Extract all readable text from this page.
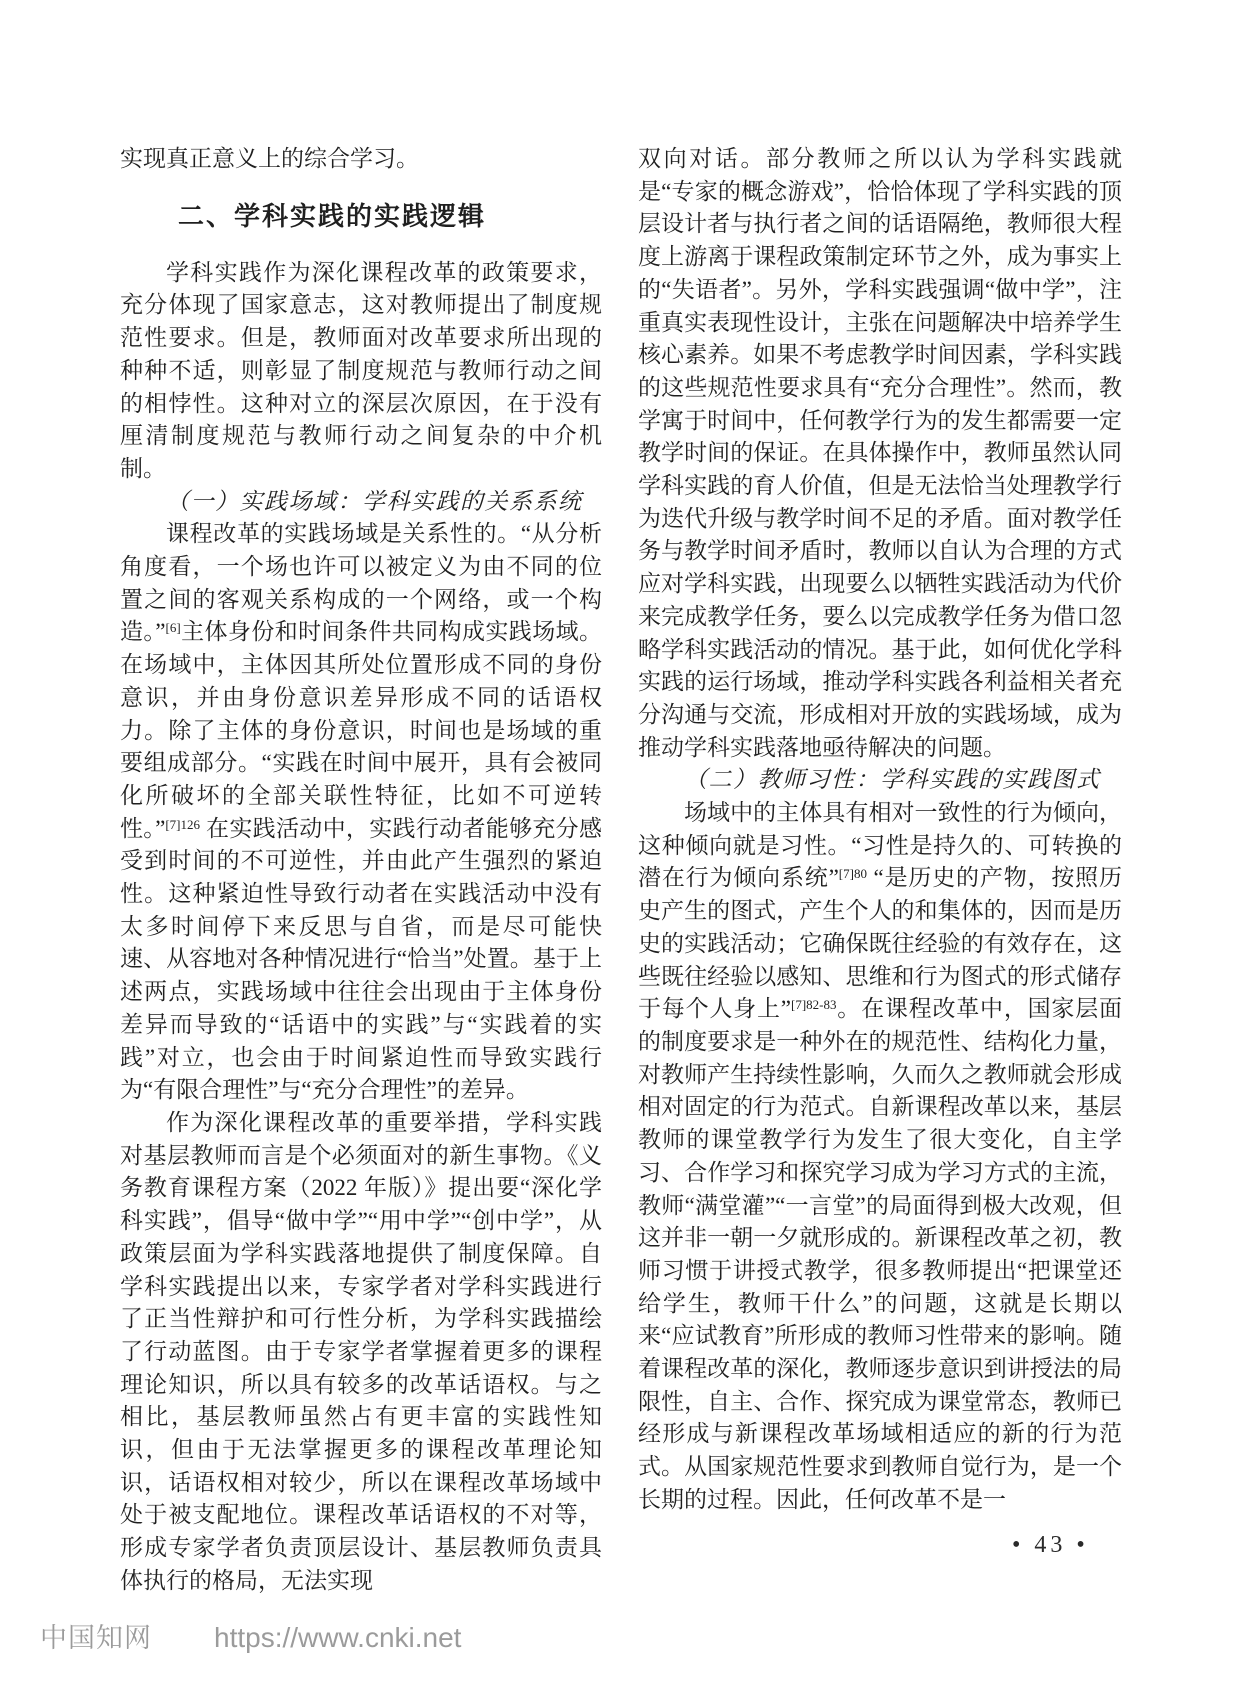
实现真正意义上的综合学习。

二、学科实践的实践逻辑

学科实践作为深化课程改革的政策要求，充分体现了国家意志，这对教师提出了制度规范性要求。但是，教师面对改革要求所出现的种种不适，则彰显了制度规范与教师行动之间的相悖性。这种对立的深层次原因，在于没有厘清制度规范与教师行动之间复杂的中介机制。

（一）实践场域：学科实践的关系系统

课程改革的实践场域是关系性的。“从分析角度看，一个场也许可以被定义为由不同的位置之间的客观关系构成的一个网络，或一个构造。”[6]主体身份和时间条件共同构成实践场域。在场域中，主体因其所处位置形成不同的身份意识，并由身份意识差异形成不同的话语权力。除了主体的身份意识，时间也是场域的重要组成部分。“实践在时间中展开，具有会被同化所破坏的全部关联性特征，比如不可逆转性。”$^{[7]126}$ 在实践活动中，实践行动者能够充分感受到时间的不可逆性，并由此产生强烈的紧迫性。这种紧迫性导致行动者在实践活动中没有太多时间停下来反思与自省，而是尽可能快速、从容地对各种情况进行“恰当”处置。基于上述两点，实践场域中往往会出现由于主体身份差异而导致的“话语中的实践”与“实践着的实践”对立，也会由于时间紧迫性而导致实践行为“有限合理性”与“充分合理性”的差异。

作为深化课程改革的重要举措，学科实践对基层教师而言是个必须面对的新生事物。《义务教育课程方案（2022 年版）》提出要“深化学科实践”，倡导“做中学”“用中学”“创中学”，从政策层面为学科实践落地提供了制度保障。自学科实践提出以来，专家学者对学科实践进行了正当性辩护和可行性分析，为学科实践描绘了行动蓝图。由于专家学者掌握着更多的课程理论知识，所以具有较多的改革话语权。与之相比，基层教师虽然占有更丰富的实践性知识，但由于无法掌握更多的课程改革理论知识，话语权相对较少，所以在课程改革场域中处于被支配地位。课程改革话语权的不对等，形成专家学者负责顶层设计、基层教师负责具体执行的格局，无法实现

双向对话。部分教师之所以认为学科实践就是“专家的概念游戏”，恰恰体现了学科实践的顶层设计者与执行者之间的话语隔绝，教师很大程度上游离于课程政策制定环节之外，成为事实上的“失语者”。另外，学科实践强调“做中学”，注重真实表现性设计，主张在问题解决中培养学生核心素养。如果不考虑教学时间因素，学科实践的这些规范性要求具有“充分合理性”。然而，教学寓于时间中，任何教学行为的发生都需要一定教学时间的保证。在具体操作中，教师虽然认同学科实践的育人价值，但是无法恰当处理教学行为迭代升级与教学时间不足的矛盾。面对教学任务与教学时间矛盾时，教师以自认为合理的方式应对学科实践，出现要么以牺牲实践活动为代价来完成教学任务，要么以完成教学任务为借口忽略学科实践活动的情况。基于此，如何优化学科实践的运行场域，推动学科实践各利益相关者充分沟通与交流，形成相对开放的实践场域，成为推动学科实践落地亟待解决的问题。

（二）教师习性：学科实践的实践图式

场域中的主体具有相对一致性的行为倾向，这种倾向就是习性。“习性是持久的、可转换的潜在行为倾向系统”$^{[7]80}$ “是历史的产物，按照历史产生的图式，产生个人的和集体的，因而是历史的实践活动；它确保既往经验的有效存在，这些既往经验以感知、思维和行为图式的形式储存于每个人身上”$^{[7]82-83}$。在课程改革中，国家层面的制度要求是一种外在的规范性、结构化力量，对教师产生持续性影响，久而久之教师就会形成相对固定的行为范式。自新课程改革以来，基层教师的课堂教学行为发生了很大变化，自主学习、合作学习和探究学习成为学习方式的主流，教师“满堂灌”“一言堂”的局面得到极大改观，但这并非一朝一夕就形成的。新课程改革之初，教师习惯于讲授式教学，很多教师提出“把课堂还给学生，教师干什么”的问题，这就是长期以来“应试教育”所形成的教师习性带来的影响。随着课程改革的深化，教师逐步意识到讲授法的局限性，自主、合作、探究成为课堂常态，教师已经形成与新课程改革场域相适应的新的行为范式。从国家规范性要求到教师自觉行为，是一个长期的过程。因此，任何改革不是一

• 43 •
中国知网 https://www.cnki.net
